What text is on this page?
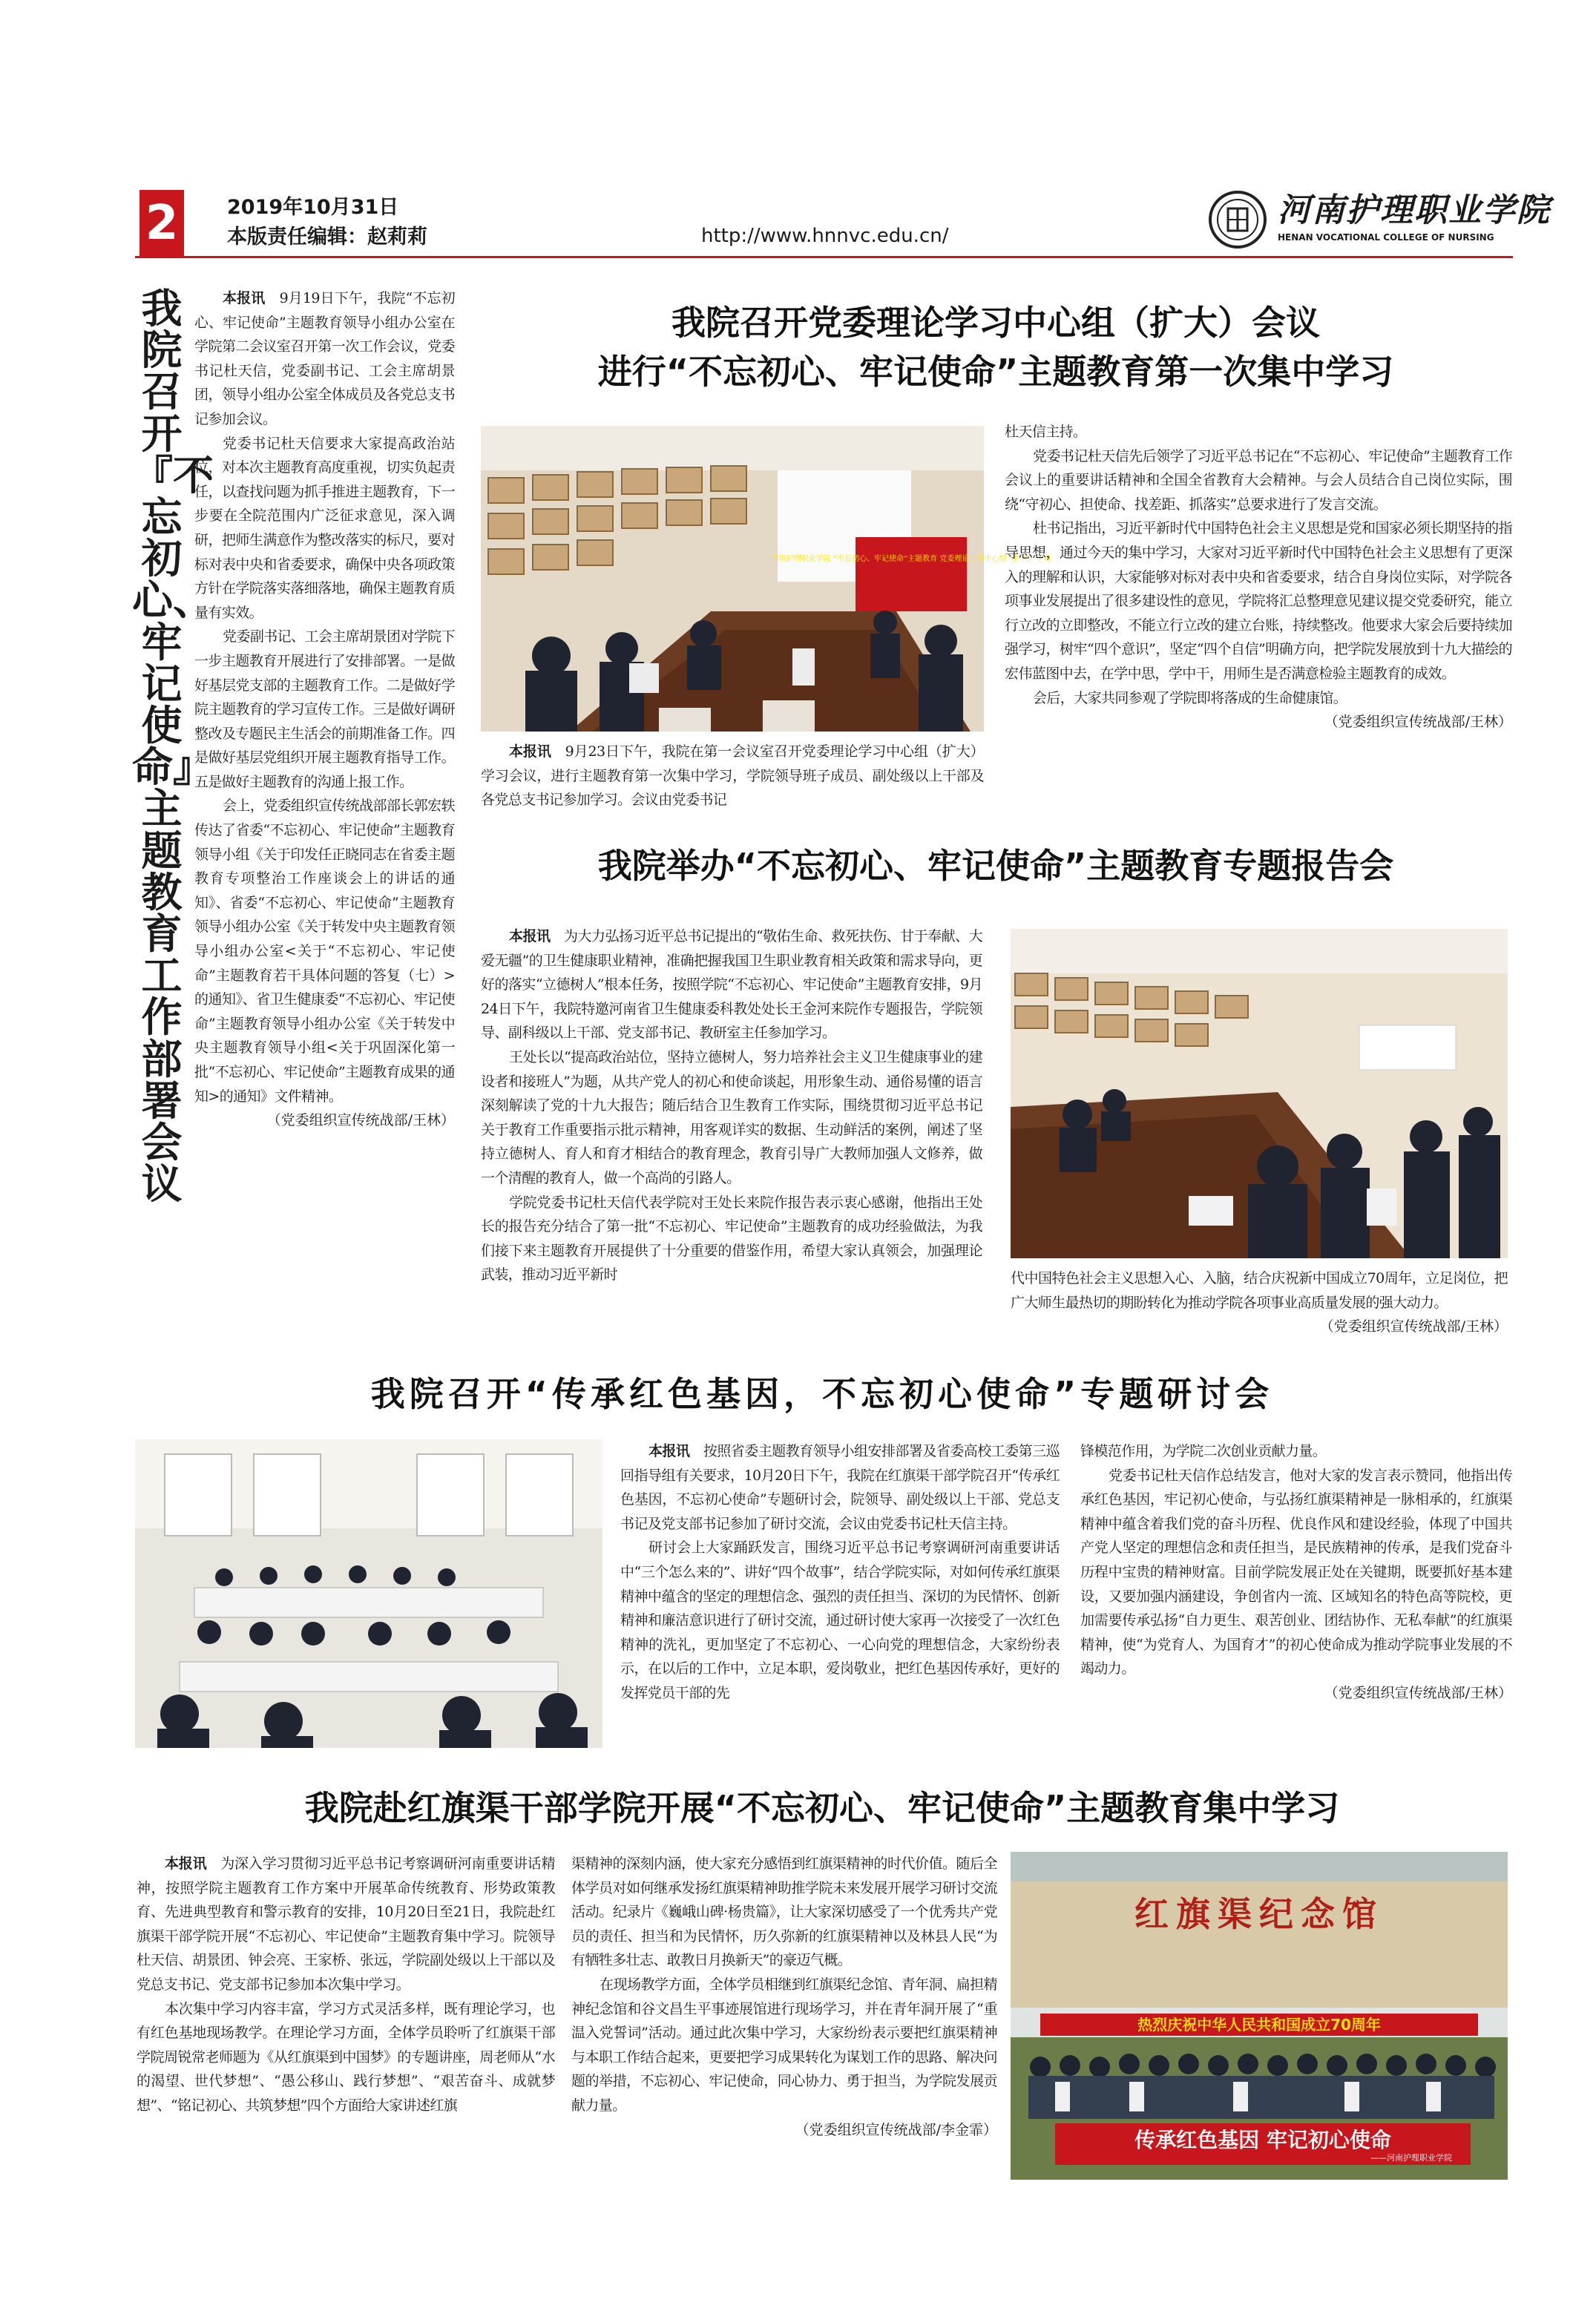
2 2019年10月31日
本版责任编辑：赵莉莉	http://www.hnnvc.edu.cn/
河南护理职业学院
HENAN VOCATIONAL COLLEGE OF NURSING
我院召开『不忘初心、牢记使命』主题教育工作部署会议

本报讯　 9月19日下午，我院“不忘初心、牢记使命”主题教育领导小组办公室在学院第二会议室召开第一次工作会议，党委书记杜天信，党委副书记、工会主席胡景团，领导小组办公室全体成员及各党总支书记参加会议。

党委书记杜天信要求大家提高政治站位，对本次主题教育高度重视，切实负起责任，以查找问题为抓手推进主题教育，下一步要在全院范围内广泛征求意见，深入调研，把师生满意作为整改落实的标尺，要对标对表中央和省委要求，确保中央各项政策方针在学院落实落细落地，确保主题教育质量有实效。

党委副书记、工会主席胡景团对学院下一步主题教育开展进行了安排部署。一是做好基层党支部的主题教育工作。二是做好学院主题教育的学习宣传工作。三是做好调研整改及专题民主生活会的前期准备工作。四是做好基层党组织开展主题教育指导工作。五是做好主题教育的沟通上报工作。

会上，党委组织宣传统战部部长郭宏轶传达了省委“不忘初心、牢记使命”主题教育领导小组《关于印发任正晓同志在省委主题教育专项整治工作座谈会上的讲话的通知》、省委“不忘初心、牢记使命”主题教育领导小组办公室《关于转发中央主题教育领导小组办公室<关于“不忘初心、牢记使命”主题教育若干具体问题的答复（七）>的通知》、省卫生健康委“不忘初心、牢记使命”主题教育领导小组办公室《关于转发中央主题教育领导小组<关于巩固深化第一批“不忘初心、牢记使命”主题教育成果的通知>的通知》文件精神。

（党委组织宣传统战部/王林）
我院召开党委理论学习中心组（扩大）会议
进行“不忘初心、牢记使命”主题教育第一次集中学习
河南护理职业学院 “不忘初心、牢记使命”主题教育 党委理论学习中心组（扩大）学习

本报讯　 9月23日下午，我院在第一会议室召开党委理论学习中心组（扩大）学习会议，进行主题教育第一次集中学习，学院领导班子成员、副处级以上干部及各党总支书记参加学习。会议由党委书记

杜天信主持。

党委书记杜天信先后领学了习近平总书记在“不忘初心、牢记使命”主题教育工作会议上的重要讲话精神和全国全省教育大会精神。与会人员结合自己岗位实际，围绕“守初心、担使命、找差距、抓落实”总要求进行了发言交流。

杜书记指出，习近平新时代中国特色社会主义思想是党和国家必须长期坚持的指导思想，通过今天的集中学习，大家对习近平新时代中国特色社会主义思想有了更深入的理解和认识，大家能够对标对表中央和省委要求，结合自身岗位实际，对学院各项事业发展提出了很多建设性的意见，学院将汇总整理意见建议提交党委研究，能立行立改的立即整改，不能立行立改的建立台账，持续整改。他要求大家会后要持续加强学习，树牢“四个意识”，坚定“四个自信”明确方向，把学院发展放到十九大描绘的宏伟蓝图中去，在学中思，学中干，用师生是否满意检验主题教育的成效。

会后，大家共同参观了学院即将落成的生命健康馆。

（党委组织宣传统战部/王林）
我院举办“不忘初心、牢记使命”主题教育专题报告会

本报讯　 为大力弘扬习近平总书记提出的“敬佑生命、救死扶伤、甘于奉献、大爱无疆”的卫生健康职业精神，准确把握我国卫生职业教育相关政策和需求导向，更好的落实“立德树人”根本任务，按照学院“不忘初心、牢记使命”主题教育安排，9月24日下午，我院特邀河南省卫生健康委科教处处长王金河来院作专题报告，学院领导、副科级以上干部、党支部书记、教研室主任参加学习。

王处长以“提高政治站位，坚持立德树人，努力培养社会主义卫生健康事业的建设者和接班人”为题，从共产党人的初心和使命谈起，用形象生动、通俗易懂的语言深刻解读了党的十九大报告；随后结合卫生教育工作实际，围绕贯彻习近平总书记关于教育工作重要指示批示精神，用客观详实的数据、生动鲜活的案例，阐述了坚持立德树人、育人和育才相结合的教育理念，教育引导广大教师加强人文修养，做一个清醒的教育人，做一个高尚的引路人。

学院党委书记杜天信代表学院对王处长来院作报告表示衷心感谢，他指出王处长的报告充分结合了第一批“不忘初心、牢记使命”主题教育的成功经验做法，为我们接下来主题教育开展提供了十分重要的借鉴作用，希望大家认真领会，加强理论武装，推动习近平新时	代中国特色社会主义思想入心、入脑，结合庆祝新中国成立70周年，立足岗位，把广大师生最热切的期盼转化为推动学院各项事业高质量发展的强大动力。
（党委组织宣传统战部/王林）
我院召开“传承红色基因，不忘初心使命”专题研讨会

本报讯　 按照省委主题教育领导小组安排部署及省委高校工委第三巡回指导组有关要求，10月20日下午，我院在红旗渠干部学院召开“传承红色基因，不忘初心使命”专题研讨会，院领导、副处级以上干部、党总支书记及党支部书记参加了研讨交流，会议由党委书记杜天信主持。

研讨会上大家踊跃发言，围绕习近平总书记考察调研河南重要讲话中“三个怎么来的”、讲好“四个故事”，结合学院实际，对如何传承红旗渠精神中蕴含的坚定的理想信念、强烈的责任担当、深切的为民情怀、创新精神和廉洁意识进行了研讨交流，通过研讨使大家再一次接受了一次红色精神的洗礼，更加坚定了不忘初心、一心向党的理想信念，大家纷纷表示，在以后的工作中，立足本职，爱岗敬业，把红色基因传承好，更好的发挥党员干部的先

锋模范作用，为学院二次创业贡献力量。

党委书记杜天信作总结发言，他对大家的发言表示赞同，他指出传承红色基因，牢记初心使命，与弘扬红旗渠精神是一脉相承的，红旗渠精神中蕴含着我们党的奋斗历程、优良作风和建设经验，体现了中国共产党人坚定的理想信念和责任担当，是民族精神的传承，是我们党奋斗历程中宝贵的精神财富。目前学院发展正处在关键期，既要抓好基本建设，又要加强内涵建设，争创省内一流、区域知名的特色高等院校，更加需要传承弘扬“自力更生、艰苦创业、团结协作、无私奉献”的红旗渠精神，使“为党育人、为国育才”的初心使命成为推动学院事业发展的不竭动力。

（党委组织宣传统战部/王林）
我院赴红旗渠干部学院开展“不忘初心、牢记使命”主题教育集中学习

本报讯　 为深入学习贯彻习近平总书记考察调研河南重要讲话精神，按照学院主题教育工作方案中开展革命传统教育、形势政策教育、先进典型教育和警示教育的安排，10月20日至21日，我院赴红旗渠干部学院开展“不忘初心、牢记使命”主题教育集中学习。院领导杜天信、胡景团、钟会亮、王家桥、张远，学院副处级以上干部以及党总支书记、党支部书记参加本次集中学习。

本次集中学习内容丰富，学习方式灵活多样，既有理论学习，也有红色基地现场教学。在理论学习方面，全体学员聆听了红旗渠干部学院周锐常老师题为《从红旗渠到中国梦》的专题讲座，周老师从“水的渴望、世代梦想”、“愚公移山、践行梦想”、“艰苦奋斗、成就梦想”、“铭记初心、共筑梦想”四个方面给大家讲述红旗

渠精神的深刻内涵，使大家充分感悟到红旗渠精神的时代价值。随后全体学员对如何继承发扬红旗渠精神助推学院未来发展开展学习研讨交流活动。纪录片《巍峨山碑·杨贵篇》，让大家深切感受了一个优秀共产党员的责任、担当和为民情怀，历久弥新的红旗渠精神以及林县人民“为有牺牲多壮志、敢教日月换新天”的豪迈气概。

在现场教学方面，全体学员相继到红旗渠纪念馆、青年洞、扁担精神纪念馆和谷文昌生平事迹展馆进行现场学习，并在青年洞开展了“重温入党誓词”活动。通过此次集中学习，大家纷纷表示要把红旗渠精神与本职工作结合起来，更要把学习成果转化为谋划工作的思路、解决问题的举措，不忘初心、牢记使命，同心协力、勇于担当，为学院发展贡献力量。

（党委组织宣传统战部/李金霏）
红旗渠纪念馆
热烈庆祝中华人民共和国成立70周年
传承红色基因 牢记初心使命
——河南护理职业学院
